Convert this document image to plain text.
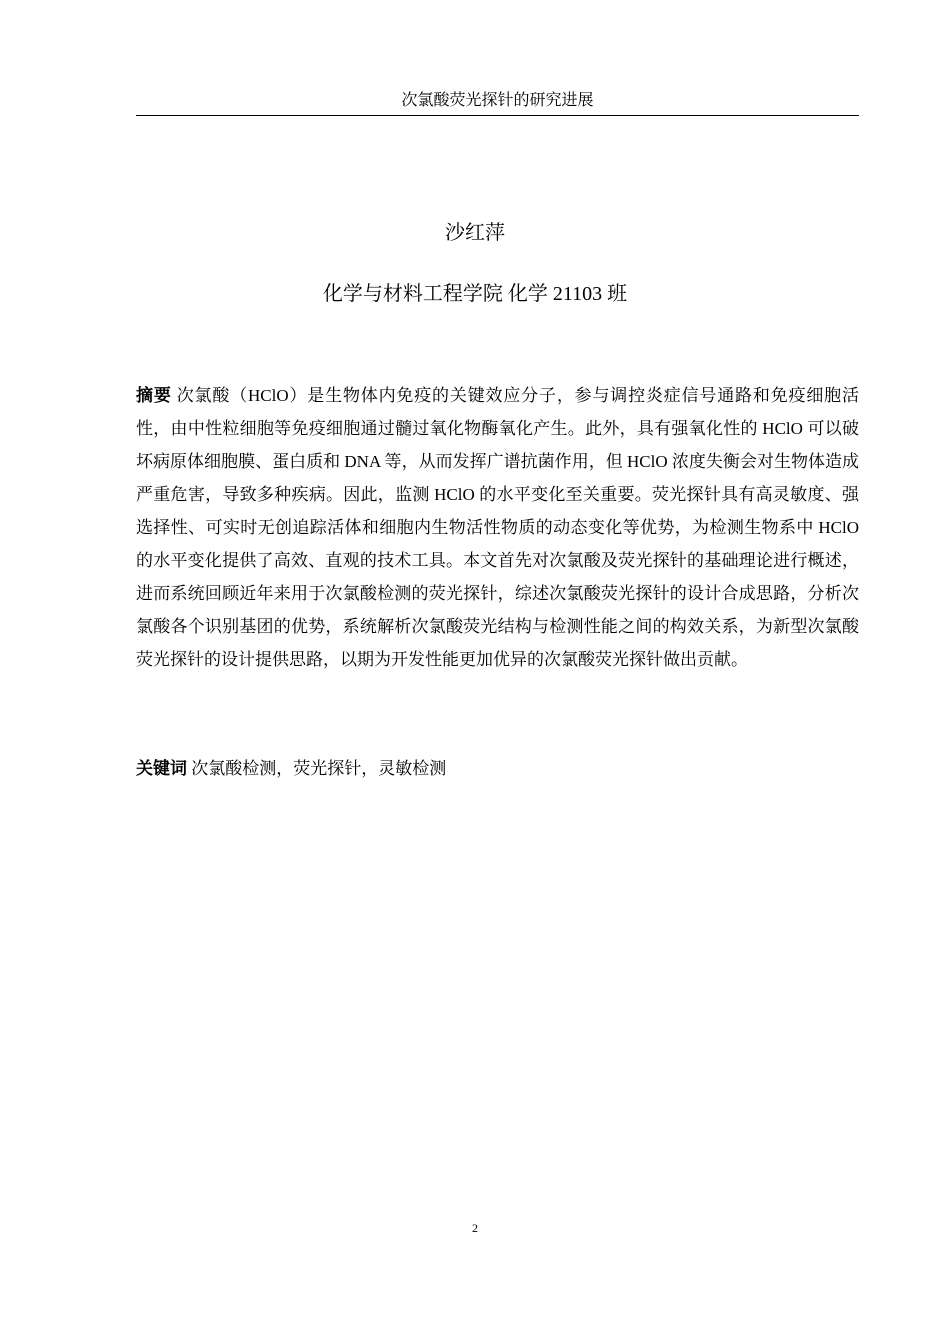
次氯酸荧光探针的研究进展
沙红萍
化学与材料工程学院 化学 21103 班

摘要 次氯酸（HClO）是生物体内免疫的关键效应分子，参与调控炎症信号通路和免疫细胞活性，由中性粒细胞等免疫细胞通过髓过氧化物酶氧化产生。此外，具有强氧化性的 HClO 可以破坏病原体细胞膜、蛋白质和 DNA 等，从而发挥广谱抗菌作用，但 HClO 浓度失衡会对生物体造成严重危害，导致多种疾病。因此，监测 HClO 的水平变化至关重要。荧光探针具有高灵敏度、强选择性、可实时无创追踪活体和细胞内生物活性物质的动态变化等优势，为检测生物系中 HClO 的水平变化提供了高效、直观的技术工具。本文首先对次氯酸及荧光探针的基础理论进行概述，进而系统回顾近年来用于次氯酸检测的荧光探针，综述次氯酸荧光探针的设计合成思路，分析次氯酸各个识别基团的优势，系统解析次氯酸荧光结构与检测性能之间的构效关系，为新型次氯酸荧光探针的设计提供思路，以期为开发性能更加优异的次氯酸荧光探针做出贡献。

关键词 次氯酸检测，荧光探针，灵敏检测

2
